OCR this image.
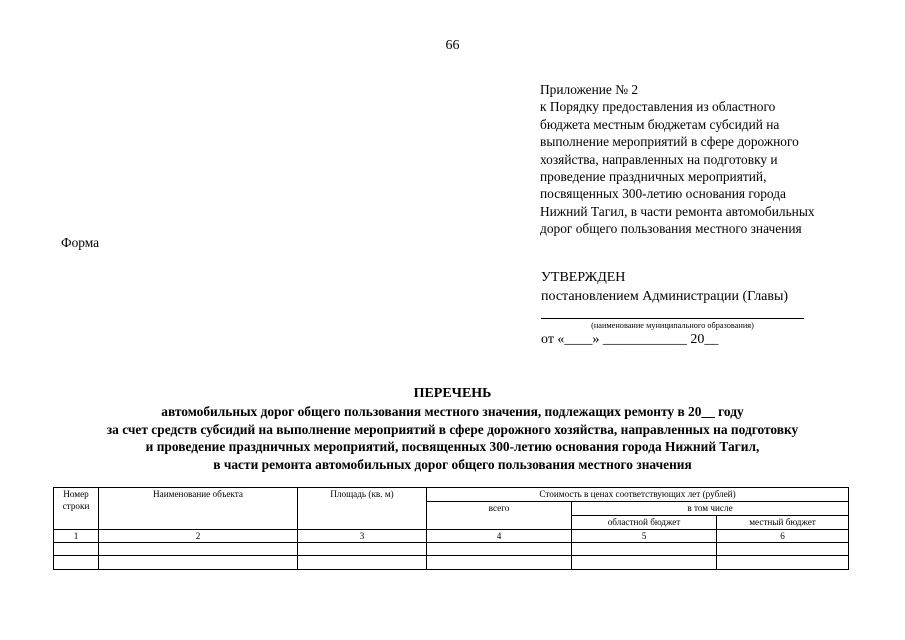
66
Приложение № 2
к Порядку предоставления из областного
бюджета местным бюджетам субсидий на
выполнение мероприятий в сфере дорожного
хозяйства, направленных на подготовку и
проведение праздничных мероприятий,
посвященных 300-летию основания города
Нижний Тагил, в части ремонта автомобильных
дорог общего пользования местного значения
Форма
УТВЕРЖДЕН
постановлением Администрации (Главы)
(наименование муниципального образования)
от «____» ____________ 20__
ПЕРЕЧЕНЬ
автомобильных дорог общего пользования местного значения, подлежащих ремонту в 20__ году
за счет средств субсидий на выполнение мероприятий в сфере дорожного хозяйства, направленных на подготовку
и проведение праздничных мероприятий, посвященных 300-летию основания города Нижний Тагил,
в части ремонта автомобильных дорог общего пользования местного значения
Номер строки	Наименование объекта	Площадь (кв. м)	Стоимость в ценах соответствующих лет (рублей)		
			всего	в том числе	
				областной бюджет	местный бюджет
1	2	3	4	5	6
